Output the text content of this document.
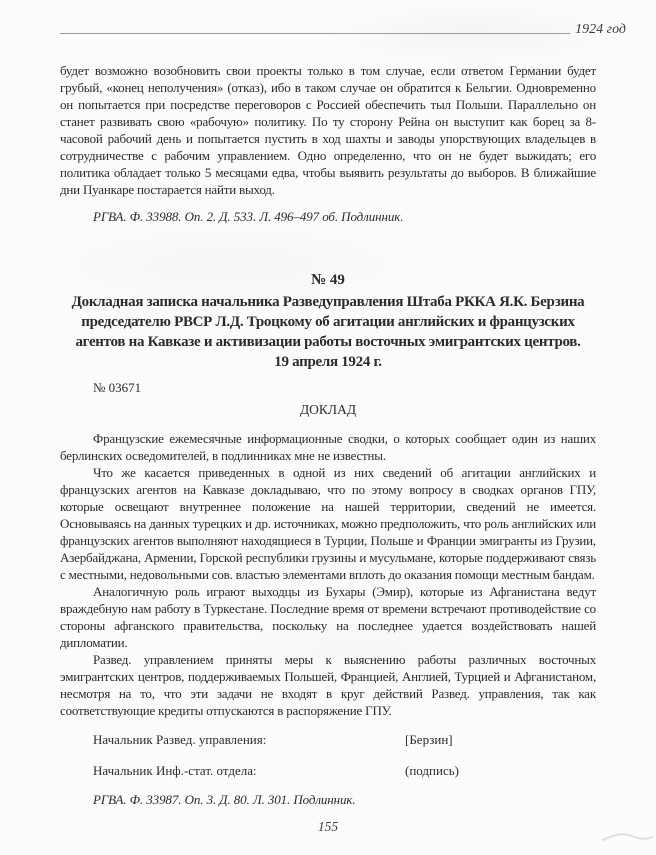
1924 год

будет возможно возобновить свои проекты только в том случае, если ответом Германии будет грубый, «конец неполучения» (отказ), ибо в таком случае он обратится к Бельгии. Одновременно он попытается при посредстве переговоров с Россией обеспечить тыл Польши. Параллельно он станет развивать свою «рабочую» политику. По ту сторону Рейна он выступит как борец за 8-часовой рабочий день и попытается пустить в ход шахты и заводы упорствующих владельцев в сотрудничестве с рабочим управлением. Одно определенно, что он не будет выжидать; его политика обладает только 5 месяцами едва, чтобы выявить результаты до выборов. В ближайшие дни Пуанкаре постарается найти выход.

РГВА. Ф. 33988. Оп. 2. Д. 533. Л. 496–497 об. Подлинник.

№ 49
Докладная записка начальника Разведуправления Штаба РККА Я.К. Берзина председателю РВСР Л.Д. Троцкому об агитации английских и французских агентов на Кавказе и активизации работы восточных эмигрантских центров.
19 апреля 1924 г.
№ 03671
ДОКЛАД

Французские ежемесячные информационные сводки, о которых сообщает один из наших берлинских осведомителей, в подлинниках мне не известны.

Что же касается приведенных в одной из них сведений об агитации английских и французских агентов на Кавказе докладываю, что по этому вопросу в сводках органов ГПУ, которые освещают внутреннее положение на нашей территории, сведений не имеется. Основываясь на данных турецких и др. источниках, можно предположить, что роль английских или французских агентов выполняют находящиеся в Турции, Польше и Франции эмигранты из Грузии, Азербайджана, Армении, Горской республики грузины и мусульмане, которые поддерживают связь с местными, недовольными сов. властью элементами вплоть до оказания помощи местным бандам.

Аналогичную роль играют выходцы из Бухары (Эмир), которые из Афганистана ведут враждебную нам работу в Туркестане. Последние время от времени встречают противодействие со стороны афганского правительства, поскольку на последнее удается воздействовать нашей дипломатии.

Развед. управлением приняты меры к выяснению работы различных восточных эмигрантских центров, поддерживаемых Польшей, Францией, Англией, Турцией и Афганистаном, несмотря на то, что эти задачи не входят в круг действий Развед. управления, так как соответствующие кредиты отпускаются в распоряжение ГПУ.

Начальник Развед. управления:	[Берзин]
Начальник Инф.-стат. отдела:	(подпись)

РГВА. Ф. 33987. Оп. 3. Д. 80. Л. 301. Подлинник.

155
